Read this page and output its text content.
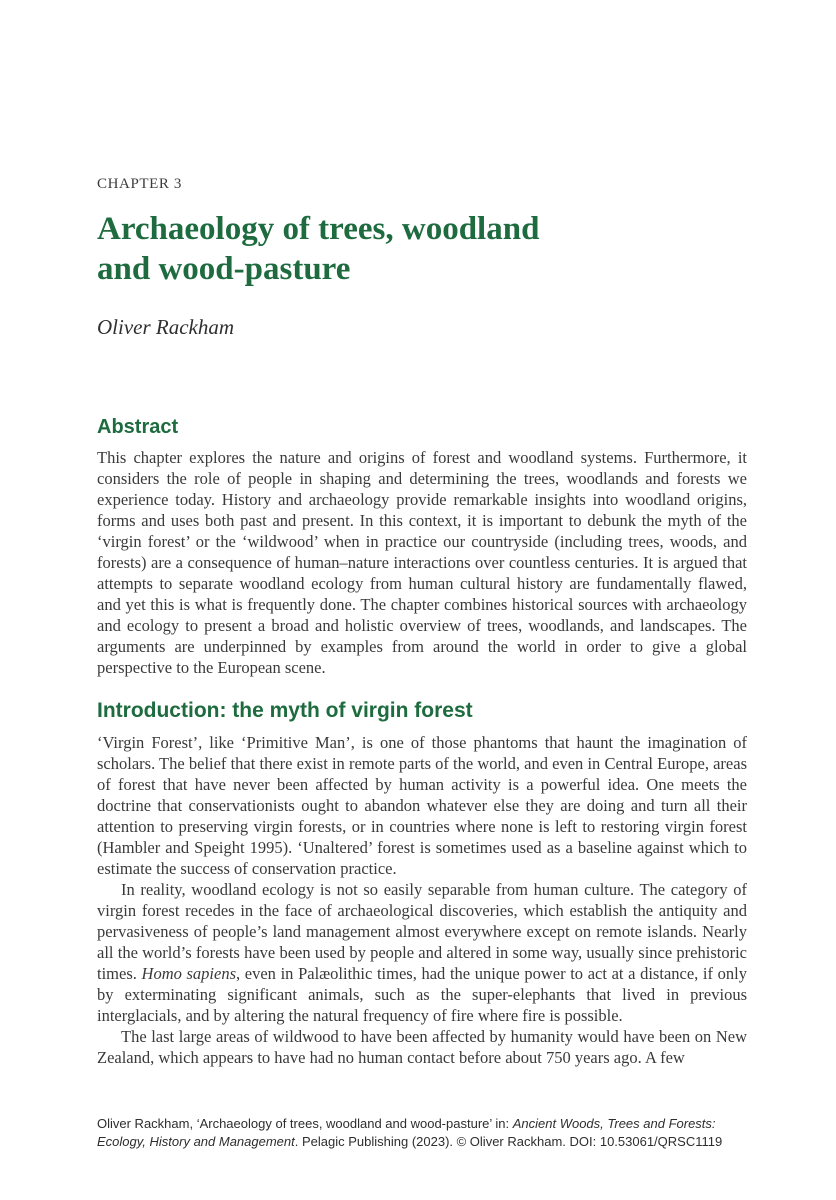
CHAPTER 3
Archaeology of trees, woodland
and wood-pasture
Oliver Rackham
Abstract

This chapter explores the nature and origins of forest and woodland systems. Furthermore, it considers the role of people in shaping and determining the trees, woodlands and forests we experience today. History and archaeology provide remarkable insights into woodland origins, forms and uses both past and present. In this context, it is important to debunk the myth of the ‘virgin forest’ or the ‘wildwood’ when in practice our countryside (including trees, woods, and forests) are a consequence of human–nature interactions over countless centuries. It is argued that attempts to separate woodland ecology from human cultural history are fundamentally flawed, and yet this is what is frequently done. The chapter combines historical sources with archaeology and ecology to present a broad and holistic overview of trees, woodlands, and landscapes. The arguments are underpinned by examples from around the world in order to give a global perspective to the European scene.

Introduction: the myth of virgin forest

‘Virgin Forest’, like ‘Primitive Man’, is one of those phantoms that haunt the imagination of scholars. The belief that there exist in remote parts of the world, and even in Central Europe, areas of forest that have never been affected by human activity is a powerful idea. One meets the doctrine that conservationists ought to abandon whatever else they are doing and turn all their attention to preserving virgin forests, or in countries where none is left to restoring virgin forest (Hambler and Speight 1995). ‘Unaltered’ forest is sometimes used as a baseline against which to estimate the success of conservation practice.

In reality, woodland ecology is not so easily separable from human culture. The category of virgin forest recedes in the face of archaeological discoveries, which establish the antiquity and pervasiveness of people’s land management almost everywhere except on remote islands. Nearly all the world’s forests have been used by people and altered in some way, usually since prehistoric times. Homo sapiens, even in Palæolithic times, had the unique power to act at a distance, if only by exterminating significant animals, such as the super-elephants that lived in previous interglacials, and by altering the natural frequency of fire where fire is possible.

The last large areas of wildwood to have been affected by humanity would have been on New Zealand, which appears to have had no human contact before about 750 years ago. A few

Oliver Rackham, ‘Archaeology of trees, woodland and wood-pasture’ in: Ancient Woods, Trees and Forests: Ecology, History and Management. Pelagic Publishing (2023). © Oliver Rackham. DOI: 10.53061/QRSC1119
